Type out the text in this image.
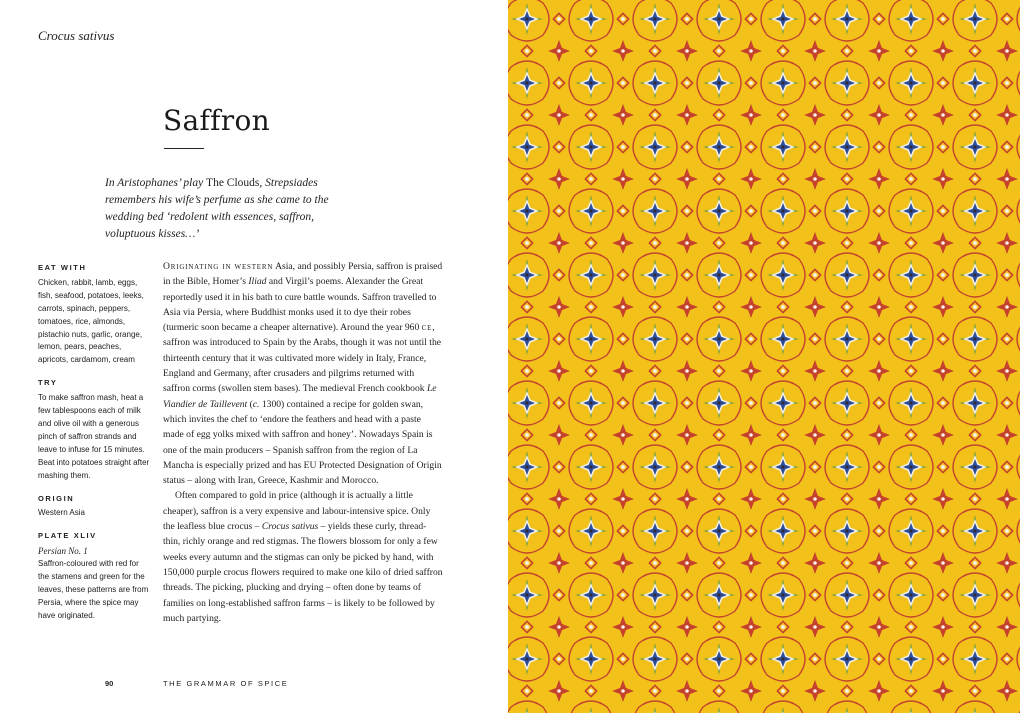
Crocus sativus
Saffron
In Aristophanes’ play The Clouds, Strepsiades remembers his wife’s perfume as she came to the wedding bed ‘redolent with essences, saffron, voluptuous kisses…’
EAT WITH
Chicken, rabbit, lamb, eggs, fish, seafood, potatoes, leeks, carrots, spinach, peppers, tomatoes, rice, almonds, pistachio nuts, garlic, orange, lemon, pears, peaches, apricots, cardamom, cream
TRY
To make saffron mash, heat a few tablespoons each of milk and olive oil with a generous pinch of saffron strands and leave to infuse for 15 minutes. Beat into potatoes straight after mashing them.
ORIGIN
Western Asia
PLATE XLIV
Persian No. 1
Saffron-coloured with red for the stamens and green for the leaves, these patterns are from Persia, where the spice may have originated.

Originating in western Asia, and possibly Persia, saffron is praised in the Bible, Homer’s Iliad and Virgil’s poems. Alexander the Great reportedly used it in his bath to cure battle wounds. Saffron travelled to Asia via Persia, where Buddhist monks used it to dye their robes (turmeric soon became a cheaper alternative). Around the year 960 ce, saffron was introduced to Spain by the Arabs, though it was not until the thirteenth century that it was cultivated more widely in Italy, France, England and Germany, after crusaders and pilgrims returned with saffron corms (swollen stem bases). The medieval French cookbook Le Viandier de Taillevent (c. 1300) contained a recipe for golden swan, which invites the chef to ‘endore the feathers and head with a paste made of egg yolks mixed with saffron and honey’. Nowadays Spain is one of the main producers – Spanish saffron from the region of La Mancha is especially prized and has EU Protected Designation of Origin status – along with Iran, Greece, Kashmir and Morocco.

Often compared to gold in price (although it is actually a little cheaper), saffron is a very expensive and labour-intensive spice. Only the leafless blue crocus – Crocus sativus – yields these curly, thread-thin, richly orange and red stigmas. The flowers blossom for only a few weeks every autumn and the stigmas can only be picked by hand, with 150,000 purple crocus flowers required to make one kilo of dried saffron threads. The picking, plucking and drying – often done by teams of families on long-established saffron farms – is likely to be followed by much partying.

90	THE GRAMMAR OF SPICE
